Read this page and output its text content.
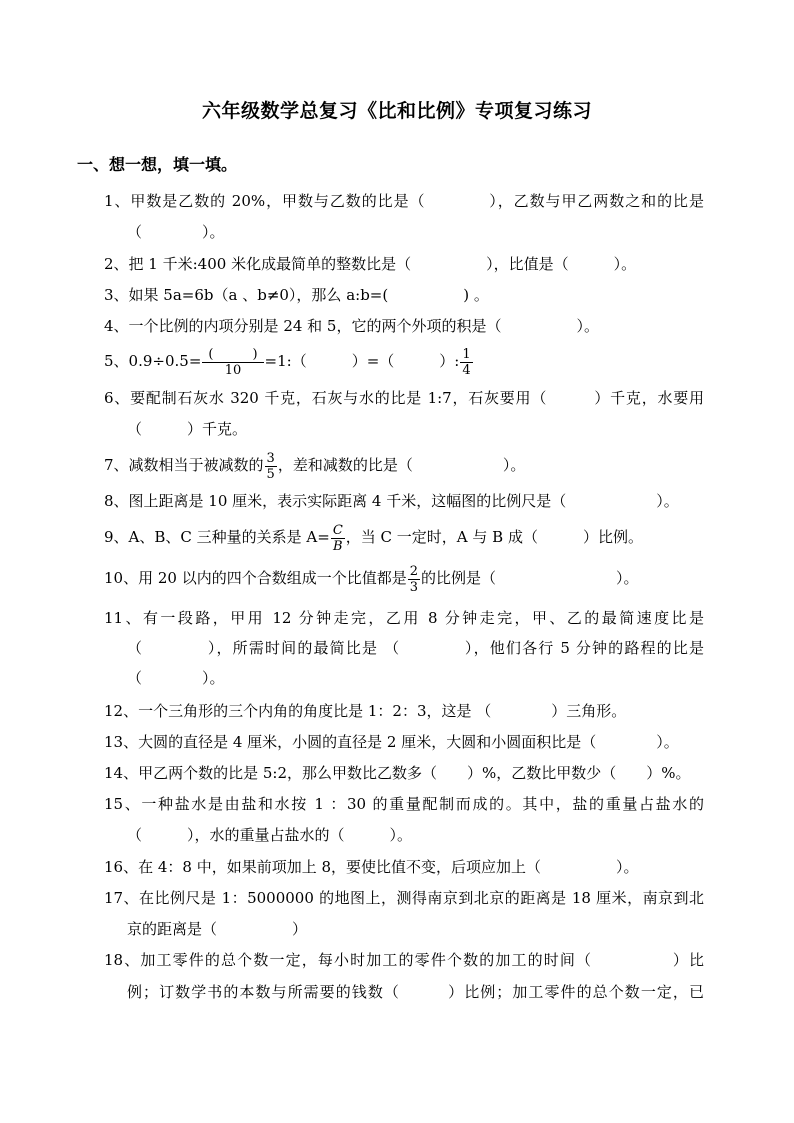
六年级数学总复习《比和比例》专项复习练习
一、想一想，填一填。
1、甲数是乙数的 20%，甲数与乙数的比是（　　　　），乙数与甲乙两数之和的比是
（　　　　）。
2、把 1 千米:400 米化成最简单的整数比是（　　　　　），比值是（　　　）。
3、如果 5a=6b（a 、b≠0），那么 a:b=(　　　　　) 。
4、一个比例的内项分别是 24 和 5，它的两个外项的积是（　　　　　）。
5、$0.9\div 0.5= \frac{( )}{10}$ =1:（　　　）=（　　　）: $\frac{1}{4}$
6、要配制石灰水 320 千克，石灰与水的比是 1:7，石灰要用（　　　）千克，水要用
（　　　）千克。
7、减数相当于被减数的 $\frac{3}{5}$ ，差和减数的比是（　　　　　　）。
8、图上距离是 10 厘米，表示实际距离 4 千米，这幅图的比例尺是（　　　　　　）。
9、A、B、C 三种量的关系是 $A= \frac{C}{B}$ ，当 C 一定时，A 与 B 成（　　　）比例。
10、用 20 以内的四个合数组成一个比值都是 $\frac{2}{3}$ 的比例是（　　　　　　　　）。
11、有一段路，甲用 12 分钟走完，乙用 8 分钟走完，甲、乙的最简速度比是
（　　　　），所需时间的最简比是 （　　　　），他们各行 5 分钟的路程的比是
（　　　　）。
12、一个三角形的三个内角的角度比是 1：2：3，这是 （　　　　）三角形。
13、大圆的直径是 4 厘米，小圆的直径是 2 厘米，大圆和小圆面积比是（　　　　）。
14、甲乙两个数的比是 5:2，那么甲数比乙数多（　　）%，乙数比甲数少（　　）%。
15、一种盐水是由盐和水按 1 ：30 的重量配制而成的。其中，盐的重量占盐水的
（　　　），水的重量占盐水的（　　　）。
16、在 4：8 中，如果前项加上 8，要使比值不变，后项应加上（　　　　　）。
17、在比例尺是 1：5000000 的地图上，测得南京到北京的距离是 18 厘米，南京到北
京的距离是（　　　　　）
18、加工零件的总个数一定，每小时加工的零件个数的加工的时间（　　　　　）比
例；订数学书的本数与所需要的钱数（　　　）比例；加工零件的总个数一定，已
